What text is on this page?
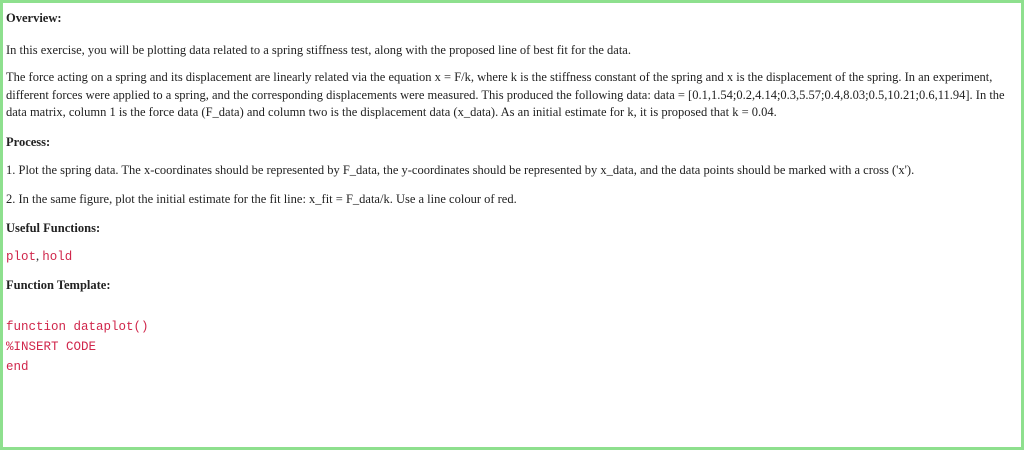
Overview:

In this exercise, you will be plotting data related to a spring stiffness test, along with the proposed line of best fit for the data.

The force acting on a spring and its displacement are linearly related via the equation x = F/k, where k is the stiffness constant of the spring and x is the displacement of the spring. In an experiment, different forces were applied to a spring, and the corresponding displacements were measured. This produced the following data: data = [0.1,1.54;0.2,4.14;0.3,5.57;0.4,8.03;0.5,10.21;0.6,11.94]. In the data matrix, column 1 is the force data (F_data) and column two is the displacement data (x_data). As an initial estimate for k, it is proposed that k = 0.04.

Process:

1. Plot the spring data. The x-coordinates should be represented by F_data, the y-coordinates should be represented by x_data, and the data points should be marked with a cross ('x').

2. In the same figure, plot the initial estimate for the fit line: x_fit = F_data/k. Use a line colour of red.

Useful Functions:
plot, hold
Function Template:
function dataplot()
%INSERT CODE
end
